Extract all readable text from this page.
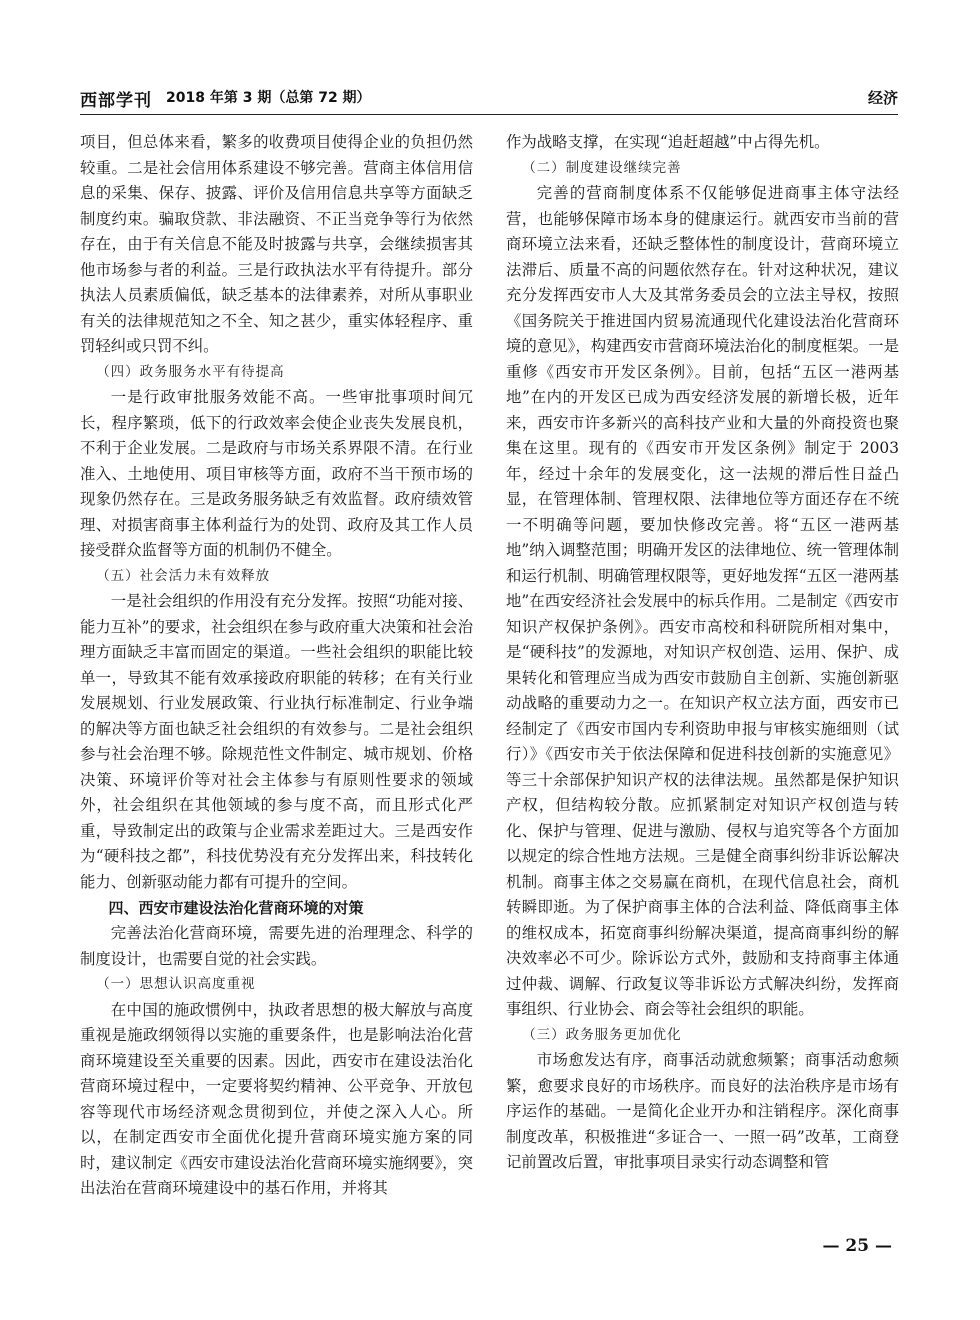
西部学刊 2018 年第 3 期（总第 72 期）	经济

项目，但总体来看，繁多的收费项目使得企业的负担仍然较重。二是社会信用体系建设不够完善。营商主体信用信息的采集、保存、披露、评价及信用信息共享等方面缺乏制度约束。骗取贷款、非法融资、不正当竞争等行为依然存在，由于有关信息不能及时披露与共享，会继续损害其他市场参与者的利益。三是行政执法水平有待提升。部分执法人员素质偏低，缺乏基本的法律素养，对所从事职业有关的法律规范知之不全、知之甚少，重实体轻程序、重罚轻纠或只罚不纠。

（四）政务服务水平有待提高

一是行政审批服务效能不高。一些审批事项时间冗长，程序繁琐，低下的行政效率会使企业丧失发展良机，不利于企业发展。二是政府与市场关系界限不清。在行业准入、土地使用、项目审核等方面，政府不当干预市场的现象仍然存在。三是政务服务缺乏有效监督。政府绩效管理、对损害商事主体利益行为的处罚、政府及其工作人员接受群众监督等方面的机制仍不健全。

（五）社会活力未有效释放

一是社会组织的作用没有充分发挥。按照“功能对接、能力互补”的要求，社会组织在参与政府重大决策和社会治理方面缺乏丰富而固定的渠道。一些社会组织的职能比较单一，导致其不能有效承接政府职能的转移；在有关行业发展规划、行业发展政策、行业执行标准制定、行业争端的解决等方面也缺乏社会组织的有效参与。二是社会组织参与社会治理不够。除规范性文件制定、城市规划、价格决策、环境评价等对社会主体参与有原则性要求的领域外，社会组织在其他领域的参与度不高，而且形式化严重，导致制定出的政策与企业需求差距过大。三是西安作为“硬科技之都”，科技优势没有充分发挥出来，科技转化能力、创新驱动能力都有可提升的空间。

四、西安市建设法治化营商环境的对策

完善法治化营商环境，需要先进的治理理念、科学的制度设计，也需要自觉的社会实践。

（一）思想认识高度重视

在中国的施政惯例中，执政者思想的极大解放与高度重视是施政纲领得以实施的重要条件，也是影响法治化营商环境建设至关重要的因素。因此，西安市在建设法治化营商环境过程中，一定要将契约精神、公平竞争、开放包容等现代市场经济观念贯彻到位，并使之深入人心。所以，在制定西安市全面优化提升营商环境实施方案的同时，建议制定《西安市建设法治化营商环境实施纲要》，突出法治在营商环境建设中的基石作用，并将其

作为战略支撑，在实现“追赶超越”中占得先机。

（二）制度建设继续完善

完善的营商制度体系不仅能够促进商事主体守法经营，也能够保障市场本身的健康运行。就西安市当前的营商环境立法来看，还缺乏整体性的制度设计，营商环境立法滞后、质量不高的问题依然存在。针对这种状况，建议充分发挥西安市人大及其常务委员会的立法主导权，按照《国务院关于推进国内贸易流通现代化建设法治化营商环境的意见》，构建西安市营商环境法治化的制度框架。一是重修《西安市开发区条例》。目前，包括“五区一港两基地”在内的开发区已成为西安经济发展的新增长极，近年来，西安市许多新兴的高科技产业和大量的外商投资也聚集在这里。现有的《西安市开发区条例》制定于 2003 年，经过十余年的发展变化，这一法规的滞后性日益凸显，在管理体制、管理权限、法律地位等方面还存在不统一不明确等问题，要加快修改完善。将“五区一港两基地”纳入调整范围；明确开发区的法律地位、统一管理体制和运行机制、明确管理权限等，更好地发挥“五区一港两基地”在西安经济社会发展中的标兵作用。二是制定《西安市知识产权保护条例》。西安市高校和科研院所相对集中，是“硬科技”的发源地，对知识产权创造、运用、保护、成果转化和管理应当成为西安市鼓励自主创新、实施创新驱动战略的重要动力之一。在知识产权立法方面，西安市已经制定了《西安市国内专利资助申报与审核实施细则（试行）》《西安市关于依法保障和促进科技创新的实施意见》等三十余部保护知识产权的法律法规。虽然都是保护知识产权，但结构较分散。应抓紧制定对知识产权创造与转化、保护与管理、促进与激励、侵权与追究等各个方面加以规定的综合性地方法规。三是健全商事纠纷非诉讼解决机制。商事主体之交易赢在商机，在现代信息社会，商机转瞬即逝。为了保护商事主体的合法利益、降低商事主体的维权成本，拓宽商事纠纷解决渠道，提高商事纠纷的解决效率必不可少。除诉讼方式外，鼓励和支持商事主体通过仲裁、调解、行政复议等非诉讼方式解决纠纷，发挥商事组织、行业协会、商会等社会组织的职能。

（三）政务服务更加优化

市场愈发达有序，商事活动就愈频繁；商事活动愈频繁，愈要求良好的市场秩序。而良好的法治秩序是市场有序运作的基础。一是简化企业开办和注销程序。深化商事制度改革，积极推进“多证合一、一照一码”改革，工商登记前置改后置，审批事项目录实行动态调整和管

— 25 —
